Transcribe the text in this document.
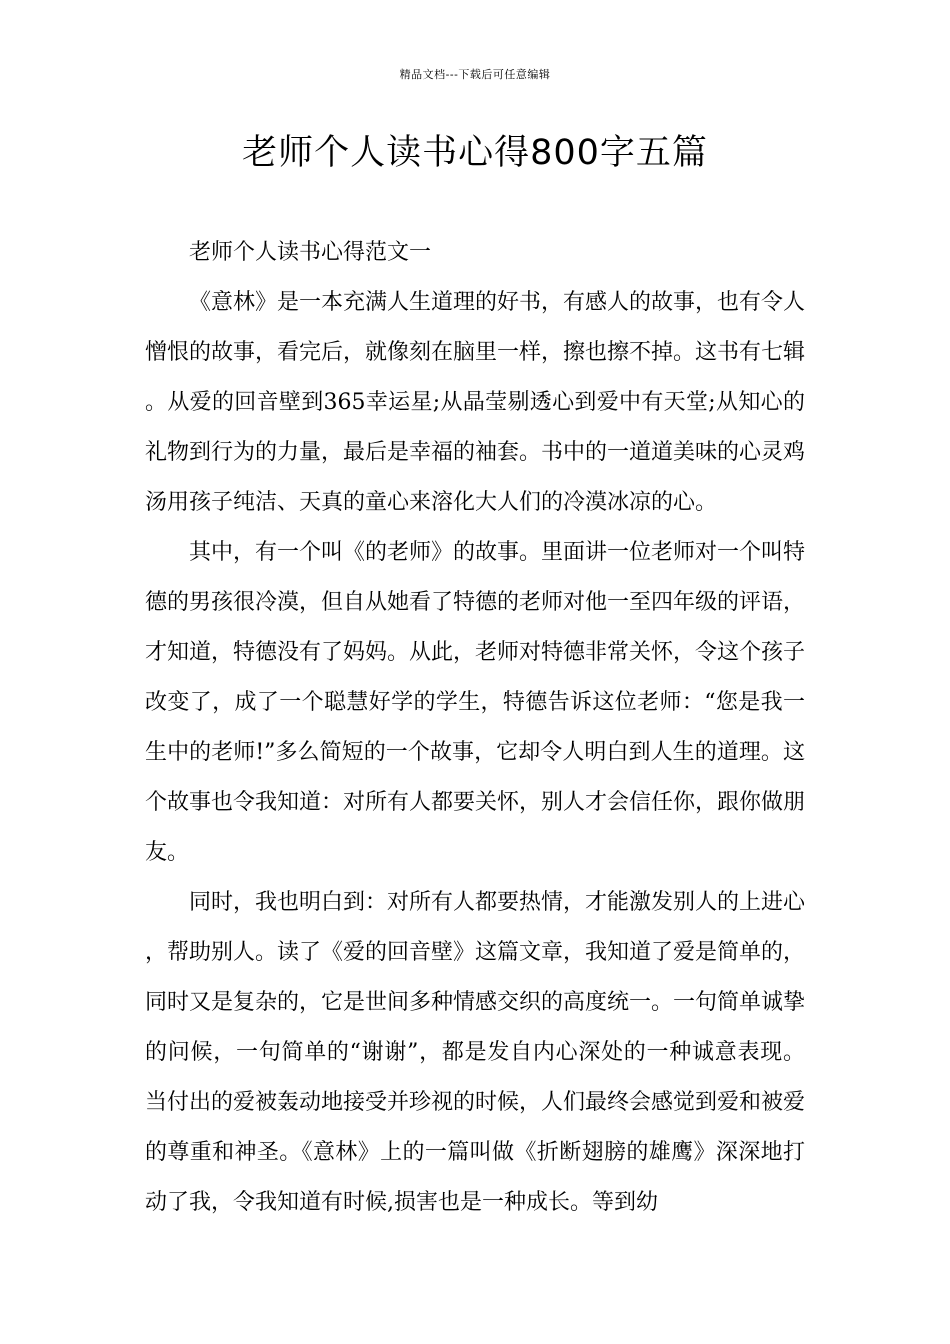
精品文档---下载后可任意编辑
老师个人读书心得800字五篇

老师个人读书心得范文一

《意林》是一本充满人生道理的好书，有感人的故事，也有令人憎恨的故事，看完后，就像刻在脑里一样，擦也擦不掉。这书有七辑。从爱的回音壁到365幸运星;从晶莹剔透心到爱中有天堂;从知心的礼物到行为的力量，最后是幸福的袖套。书中的一道道美味的心灵鸡汤用孩子纯洁、天真的童心来溶化大人们的冷漠冰凉的心。

其中，有一个叫《的老师》的故事。里面讲一位老师对一个叫特德的男孩很冷漠，但自从她看了特德的老师对他一至四年级的评语，才知道，特德没有了妈妈。从此，老师对特德非常关怀，令这个孩子改变了，成了一个聪慧好学的学生，特德告诉这位老师：“您是我一生中的老师!”多么简短的一个故事，它却令人明白到人生的道理。这个故事也令我知道：对所有人都要关怀，别人才会信任你，跟你做朋友。

同时，我也明白到：对所有人都要热情，才能激发别人的上进心，帮助别人。读了《爱的回音壁》这篇文章，我知道了爱是简单的，同时又是复杂的，它是世间多种情感交织的高度统一。一句简单诚挚的问候，一句简单的“谢谢”，都是发自内心深处的一种诚意表现。当付出的爱被轰动地接受并珍视的时候，人们最终会感觉到爱和被爱的尊重和神圣。《意林》上的一篇叫做《折断翅膀的雄鹰》深深地打动了我，令我知道有时候,损害也是一种成长。等到幼
